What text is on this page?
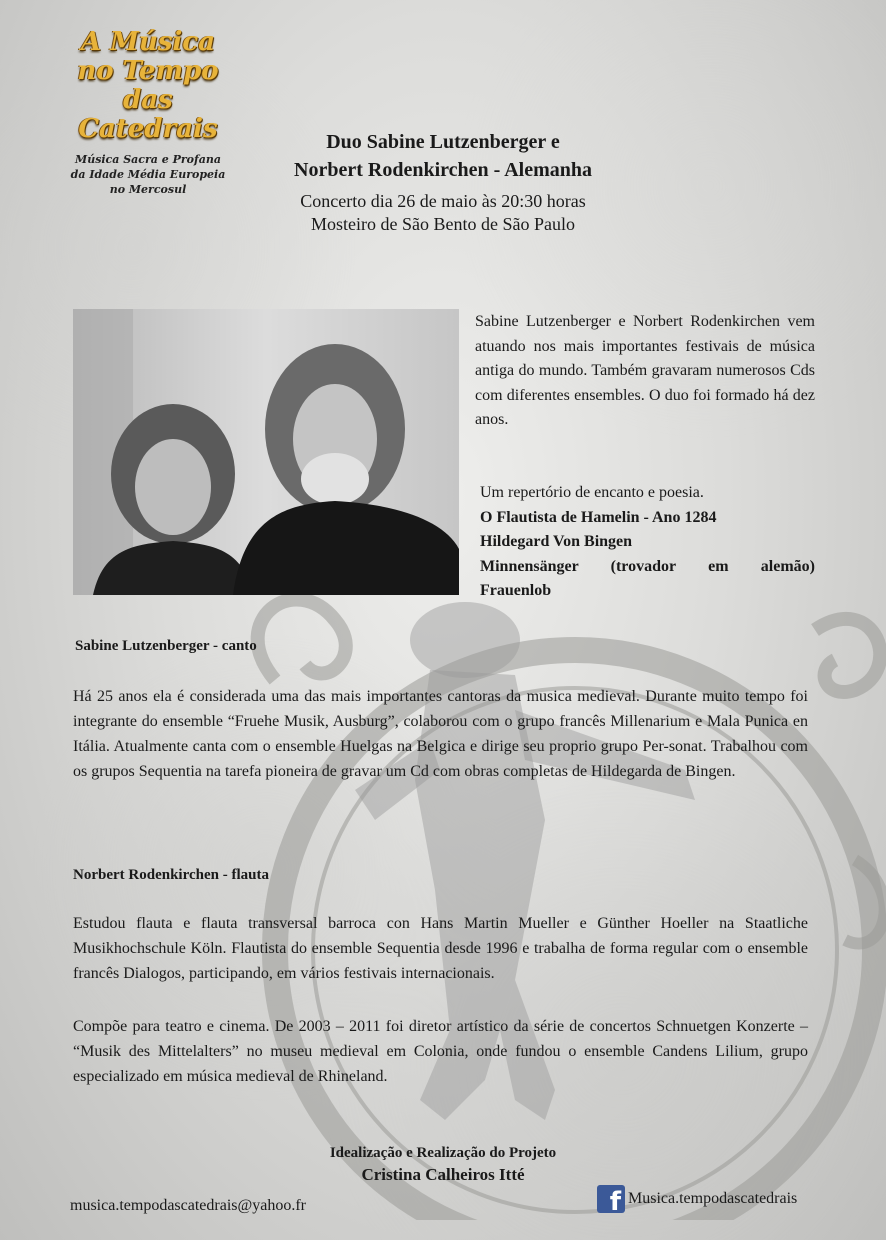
A Música
no Tempo das
Catedrais
Música Sacra e Profana
da Idade Média Europeia
no Mercosul
Duo Sabine Lutzenberger e
Norbert Rodenkirchen - Alemanha
Concerto dia 26 de maio às 20:30 horas
Mosteiro de São Bento de São Paulo
Sabine Lutzenberger e Norbert Rodenkirchen vem atuando nos mais importantes festivais de música antiga do mundo. Também gravaram numerosos Cds com diferentes ensembles. O duo foi formado há dez anos.
Um repertório de encanto e poesia.
O Flautista de Hamelin - Ano 1284
Hildegard Von Bingen
Minnensänger (trovador em alemão)
Frauenlob
Sabine Lutzenberger - canto
Há 25 anos ela é considerada uma das mais importantes cantoras da musica medieval. Durante muito tempo foi integrante do ensemble “Fruehe Musik, Ausburg”, colaborou com o grupo francês Millenarium e Mala Punica en Itália. Atualmente canta com o ensemble Huelgas na Belgica e dirige seu proprio grupo Per-sonat. Trabalhou com os grupos Sequentia na tarefa pioneira de gravar um Cd com obras completas de Hildegarda de Bingen.
Norbert Rodenkirchen - flauta
Estudou flauta e flauta transversal barroca con Hans Martin Mueller e Günther Hoeller na Staatliche Musikhochschule Köln. Flautista do ensemble Sequentia desde 1996 e trabalha de forma regular com o ensemble francês Dialogos, participando, em vários festivais internacionais.
Compõe para teatro e cinema. De 2003 – 2011 foi diretor artístico da série de concertos Schnuetgen Konzerte – “Musik des Mittelalters” no museu medieval em Colonia, onde fundou o ensemble Candens Lilium, grupo especializado em música medieval de Rhineland.
Idealização e Realização do Projeto
Cristina Calheiros Itté
musica.tempodascatedrais@yahoo.fr	f Musica.tempodascatedrais
